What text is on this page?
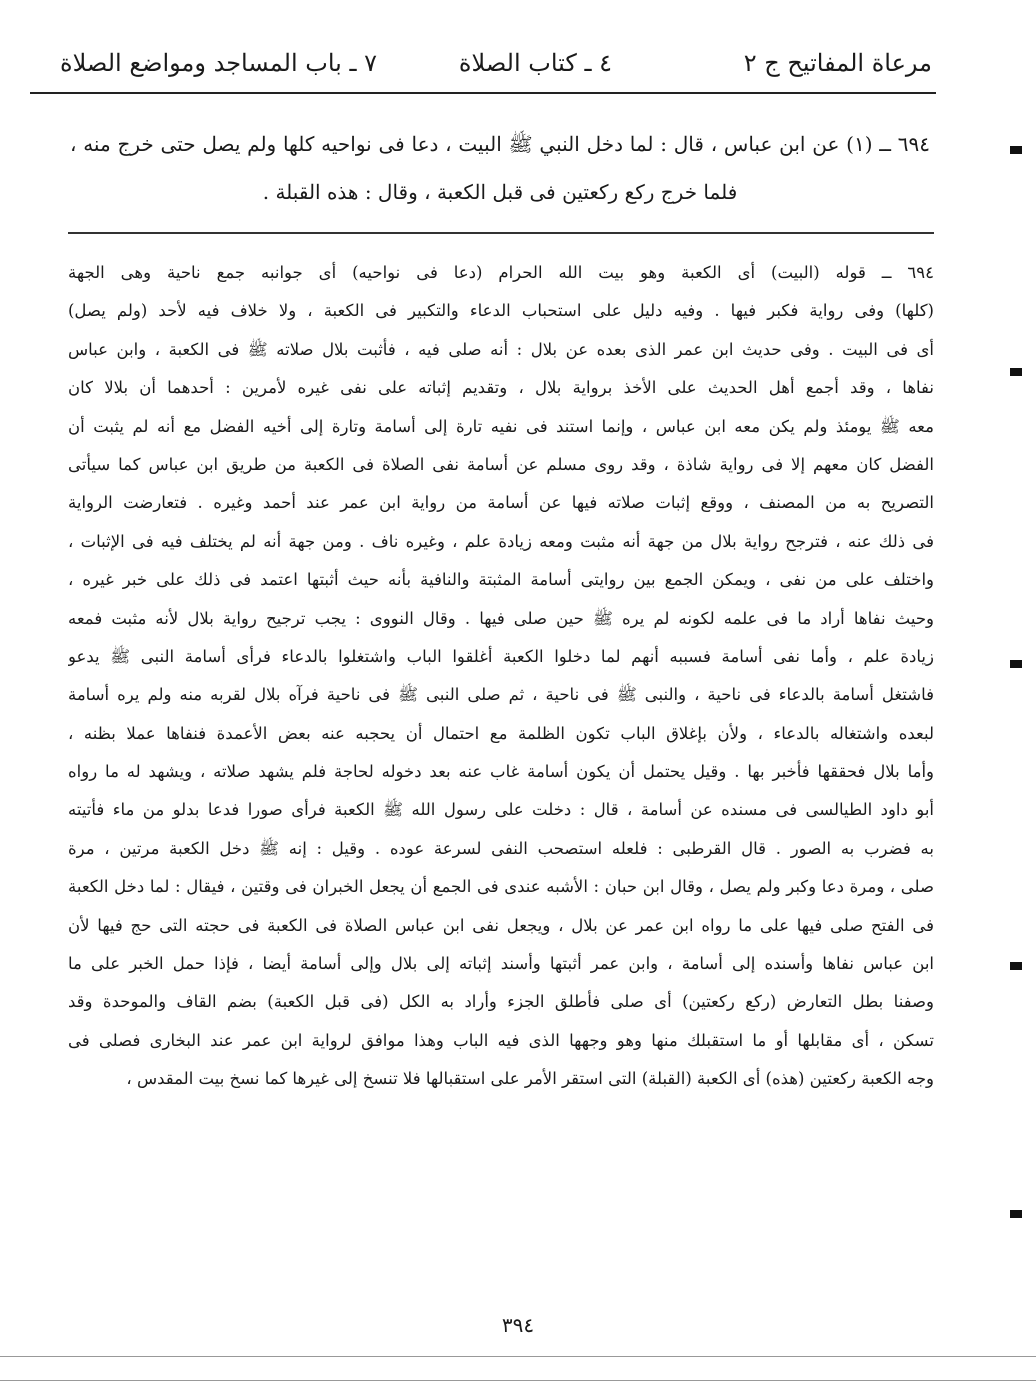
مرعاة المفاتيح ج ٢
٤ ـ كتاب الصلاة
٧ ـ باب المساجد ومواضع الصلاة
٦٩٤ ــ (١) عن ابن عباس ، قال : لما دخل النبي ﷺ البيت ، دعا فى نواحيه كلها ولم يصل حتى خرج منه ، فلما خرج ركع ركعتين فى قبل الكعبة ، وقال : هذه القبلة .
٦٩٤ ــ قوله (البيت) أى الكعبة وهو بيت الله الحرام (دعا فى نواحيه) أى جوانبه جمع ناحية وهى الجهة
(كلها) وفى رواية فكبر فيها . وفيه دليل على استحباب الدعاء والتكبير فى الكعبة ، ولا خلاف فيه لأحد (ولم يصل)
أى فى البيت . وفى حديث ابن عمر الذى بعده عن بلال : أنه صلى فيه ، فأثبت بلال صلاته ﷺ فى الكعبة ، وابن عباس
نفاها ، وقد أجمع أهل الحديث على الأخذ برواية بلال ، وتقديم إثباته على نفى غيره لأمرين : أحدهما أن بلالا كان
معه ﷺ يومئذ ولم يكن معه ابن عباس ، وإنما استند فى نفيه تارة إلى أسامة وتارة إلى أخيه الفضل مع أنه لم يثبت أن
الفضل كان معهم إلا فى رواية شاذة ، وقد روى مسلم عن أسامة نفى الصلاة فى الكعبة من طريق ابن عباس كما سيأتى
التصريح به من المصنف ، ووقع إثبات صلاته فيها عن أسامة من رواية ابن عمر عند أحمد وغيره . فتعارضت الرواية
فى ذلك عنه ، فترجح رواية بلال من جهة أنه مثبت ومعه زيادة علم ، وغيره ناف . ومن جهة أنه لم يختلف فيه فى الإثبات ،
واختلف على من نفى ، ويمكن الجمع بين روايتى أسامة المثبتة والنافية بأنه حيث أثبتها اعتمد فى ذلك على خبر غيره ،
وحيث نفاها أراد ما فى علمه لكونه لم يره ﷺ حين صلى فيها . وقال النووى : يجب ترجيح رواية بلال لأنه مثبت فمعه
زيادة علم ، وأما نفى أسامة فسببه أنهم لما دخلوا الكعبة أغلقوا الباب واشتغلوا بالدعاء فرأى أسامة النبى ﷺ يدعو
فاشتغل أسامة بالدعاء فى ناحية ، والنبى ﷺ فى ناحية ، ثم صلى النبى ﷺ فى ناحية فرآه بلال لقربه منه ولم يره أسامة
لبعده واشتغاله بالدعاء ، ولأن بإغلاق الباب تكون الظلمة مع احتمال أن يحجبه عنه بعض الأعمدة فنفاها عملا بظنه ،
وأما بلال فحققها فأخبر بها . وقيل يحتمل أن يكون أسامة غاب عنه بعد دخوله لحاجة فلم يشهد صلاته ، ويشهد له ما رواه
أبو داود الطيالسى فى مسنده عن أسامة ، قال : دخلت على رسول الله ﷺ الكعبة فرأى صورا فدعا بدلو من ماء فأتيته
به فضرب به الصور . قال القرطبى : فلعله استصحب النفى لسرعة عوده . وقيل : إنه ﷺ دخل الكعبة مرتين ، مرة
صلى ، ومرة دعا وكبر ولم يصل ، وقال ابن حبان : الأشبه عندى فى الجمع أن يجعل الخبران فى وقتين ، فيقال : لما دخل الكعبة
فى الفتح صلى فيها على ما رواه ابن عمر عن بلال ، ويجعل نفى ابن عباس الصلاة فى الكعبة فى حجته التى حج فيها لأن
ابن عباس نفاها وأسنده إلى أسامة ، وابن عمر أثبتها وأسند إثباته إلى بلال وإلى أسامة أيضا ، فإذا حمل الخبر على ما
وصفنا بطل التعارض (ركع ركعتين) أى صلى فأطلق الجزء وأراد به الكل (فى قبل الكعبة) بضم القاف والموحدة وقد
تسكن ، أى مقابلها أو ما استقبلك منها وهو وجهها الذى فيه الباب وهذا موافق لرواية ابن عمر عند البخارى فصلى فى
وجه الكعبة ركعتين (هذه) أى الكعبة (القبلة) التى استقر الأمر على استقبالها فلا تنسخ إلى غيرها كما نسخ بيت المقدس ،
٣٩٤
